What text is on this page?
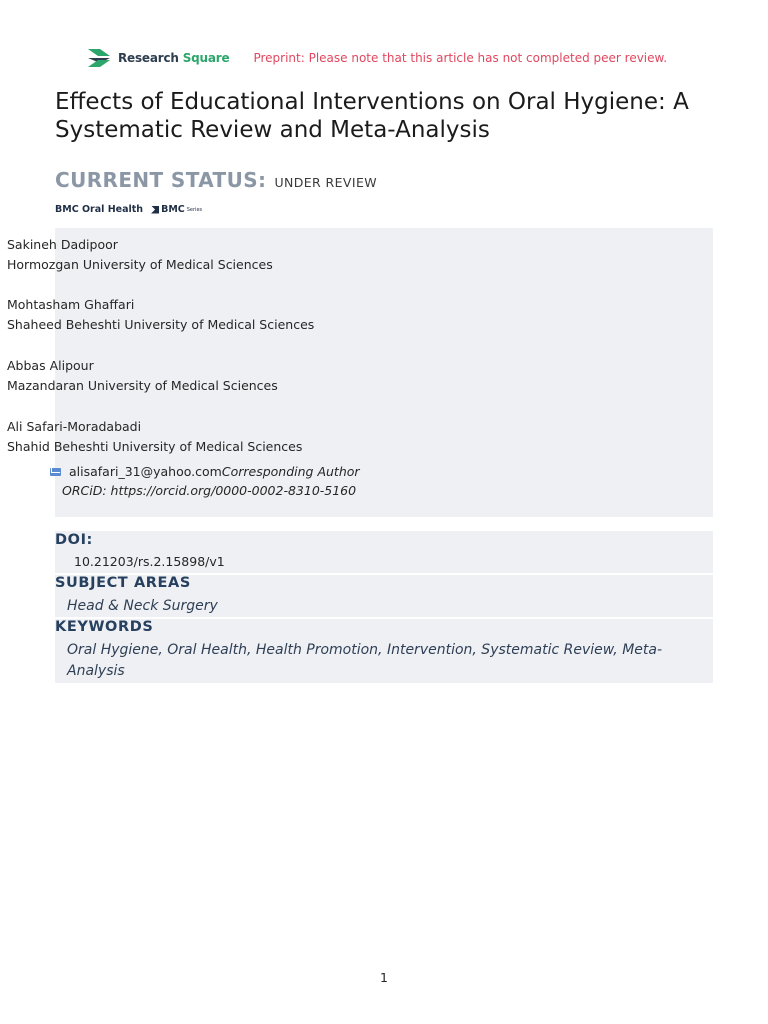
Research Square Preprint: Please note that this article has not completed peer review.
Effects of Educational Interventions on Oral Hygiene: A Systematic Review and Meta-Analysis
CURRENT STATUS: UNDER REVIEW
BMC Oral Health BMC Series
Sakineh Dadipoor
Hormozgan University of Medical Sciences
Mohtasham Ghaffari
Shaheed Beheshti University of Medical Sciences
Abbas Alipour
Mazandaran University of Medical Sciences
Ali Safari-Moradabadi
Shahid Beheshti University of Medical Sciences
alisafari_31@yahoo.com Corresponding Author
ORCiD: https://orcid.org/0000-0002-8310-5160
DOI:
10.21203/rs.2.15898/v1
SUBJECT AREAS
Head & Neck Surgery
KEYWORDS
Oral Hygiene, Oral Health, Health Promotion, Intervention, Systematic Review, Meta-
Analysis
1
